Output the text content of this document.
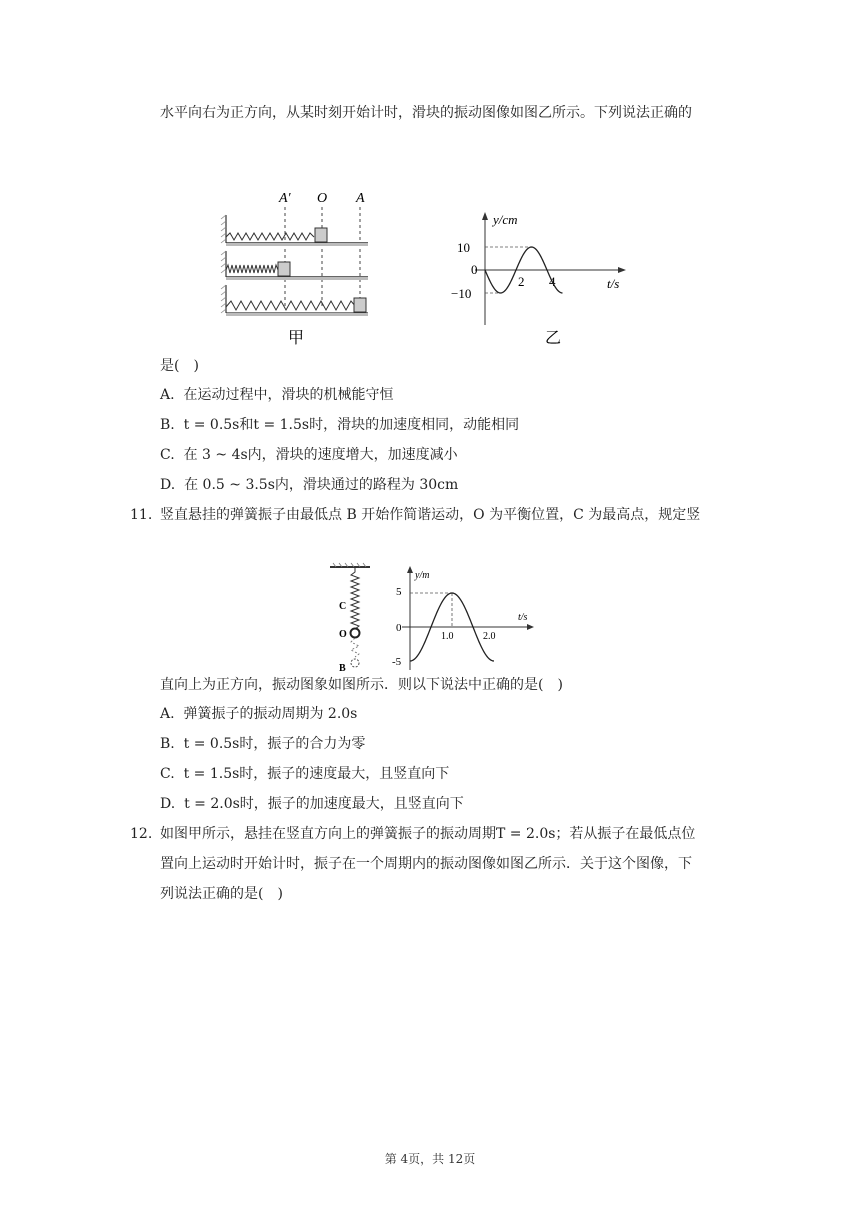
水平向右为正方向，从某时刻开始计时，滑块的振动图像如图乙所示。下列说法正确的
A′ O A
甲
y/cm
t/s
10
0
−10
2 4
乙
是(　)
A. 在运动过程中，滑块的机械能守恒
B. t = 0.5s和t = 1.5s时，滑块的加速度相同，动能相同
C. 在 3 ~ 4s内，滑块的速度增大，加速度减小
D. 在 0.5 ~ 3.5s内，滑块通过的路程为 30cm
11. 竖直悬挂的弹簧振子由最低点 B 开始作简谐运动，O 为平衡位置，C 为最高点，规定竖
C
O
B
y/m
t/s
5
0
-5
1.0	2.0
直向上为正方向，振动图象如图所示．则以下说法中正确的是(　)
A. 弹簧振子的振动周期为 2.0s
B. t = 0.5s时，振子的合力为零
C. t = 1.5s时，振子的速度最大，且竖直向下
D. t = 2.0s时，振子的加速度最大，且竖直向下
12. 如图甲所示，悬挂在竖直方向上的弹簧振子的振动周期T = 2.0s；若从振子在最低点位
置向上运动时开始计时，振子在一个周期内的振动图像如图乙所示．关于这个图像，下
列说法正确的是(　)
第 4页，共 12页
